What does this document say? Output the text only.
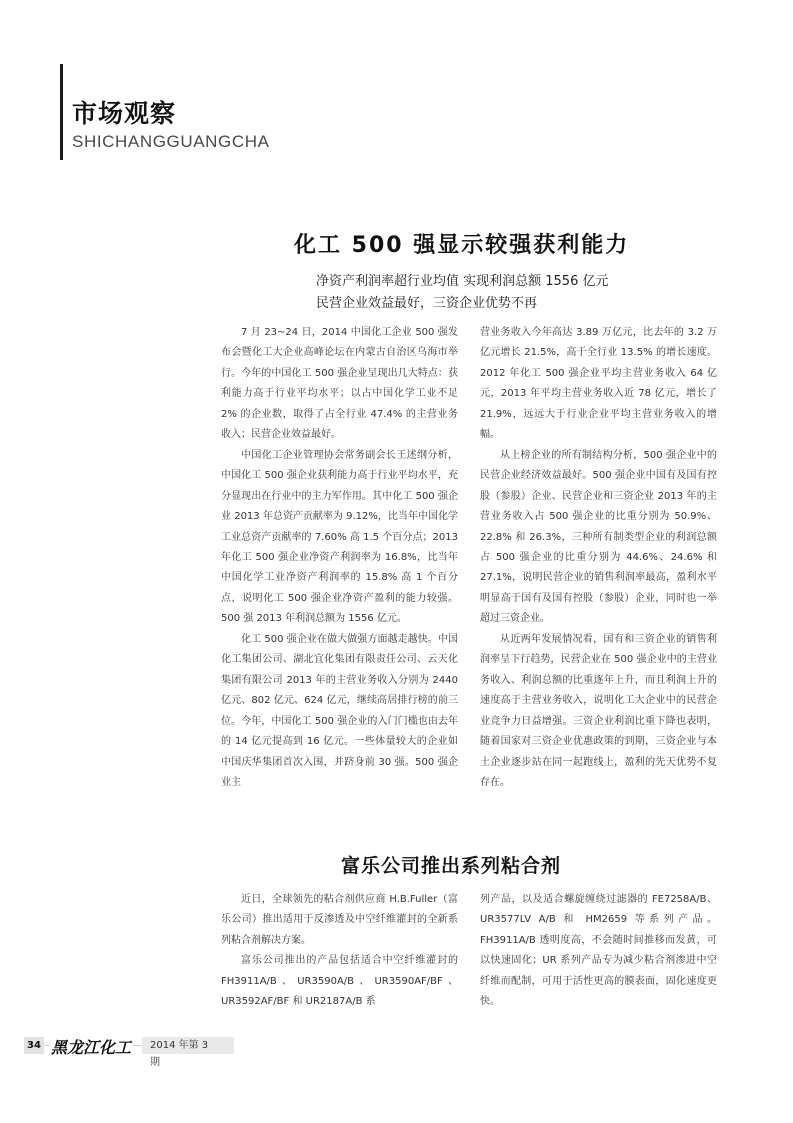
市场观察
SHICHANGGUANGCHA
化工 500 强显示较强获利能力
净资产利润率超行业均值 实现利润总额 1556 亿元
民营企业效益最好，三资企业优势不再

7 月 23~24 日，2014 中国化工企业 500 强发布会暨化工大企业高峰论坛在内蒙古自治区乌海市举行。今年的中国化工 500 强企业呈现出几大特点：获利能力高于行业平均水平；以占中国化学工业不足 2% 的企业数，取得了占全行业 47.4% 的主营业务收入；民营企业效益最好。

中国化工企业管理协会常务副会长王述纲分析，中国化工 500 强企业获利能力高于行业平均水平，充分显现出在行业中的主力军作用。其中化工 500 强企业 2013 年总资产贡献率为 9.12%，比当年中国化学工业总资产贡献率的 7.60% 高 1.5 个百分点；2013 年化工 500 强企业净资产利润率为 16.8%，比当年中国化学工业净资产利润率的 15.8% 高 1 个百分点，说明化工 500 强企业净资产盈利的能力较强。500 强 2013 年利润总额为 1556 亿元。

化工 500 强企业在做大做强方面越走越快。中国化工集团公司、湖北宜化集团有限责任公司、云天化集团有限公司 2013 年的主营业务收入分别为 2440 亿元、802 亿元、624 亿元，继续高居排行榜的前三位。今年，中国化工 500 强企业的入门门槛也由去年的 14 亿元提高到 16 亿元。一些体量较大的企业如中国庆华集团首次入围，并跻身前 30 强。500 强企业主

营业务收入今年高达 3.89 万亿元，比去年的 3.2 万亿元增长 21.5%，高于全行业 13.5% 的增长速度。2012 年化工 500 强企业平均主营业务收入 64 亿元，2013 年平均主营业务收入近 78 亿元，增长了 21.9%，远远大于行业企业平均主营业务收入的增幅。

从上榜企业的所有制结构分析，500 强企业中的民营企业经济效益最好。500 强企业中国有及国有控股（参股）企业、民营企业和三资企业 2013 年的主营业务收入占 500 强企业的比重分别为 50.9%、22.8% 和 26.3%，三种所有制类型企业的利润总额占 500 强企业的比重分别为 44.6%、24.6% 和 27.1%，说明民营企业的销售利润率最高，盈利水平明显高于国有及国有控股（参股）企业，同时也一举超过三资企业。

从近两年发展情况看，国有和三资企业的销售利润率呈下行趋势，民营企业在 500 强企业中的主营业务收入、利润总额的比重逐年上升，而且利润上升的速度高于主营业务收入，说明化工大企业中的民营企业竞争力日益增强。三资企业利润比重下降也表明，随着国家对三资企业优惠政策的到期，三资企业与本土企业逐步站在同一起跑线上，盈利的先天优势不复存在。

富乐公司推出系列粘合剂

近日，全球领先的粘合剂供应商 H.B.Fuller（富乐公司）推出适用于反渗透及中空纤维灌封的全新系列粘合剂解决方案。

富乐公司推出的产品包括适合中空纤维灌封的 FH3911A/B、UR3590A/B、UR3590AF/BF、UR3592AF/BF 和 UR2187A/B 系

列产品，以及适合螺旋缠绕过滤器的 FE7258A/B、UR3577LV A/B 和 HM2659 等系列产品。FH3911A/B 透明度高，不会随时间推移而发黄，可以快速固化；UR 系列产品专为减少粘合剂渗进中空纤维而配制，可用于活性更高的膜表面，固化速度更快。

34 黑龙江化工	2014 年第 3 期
